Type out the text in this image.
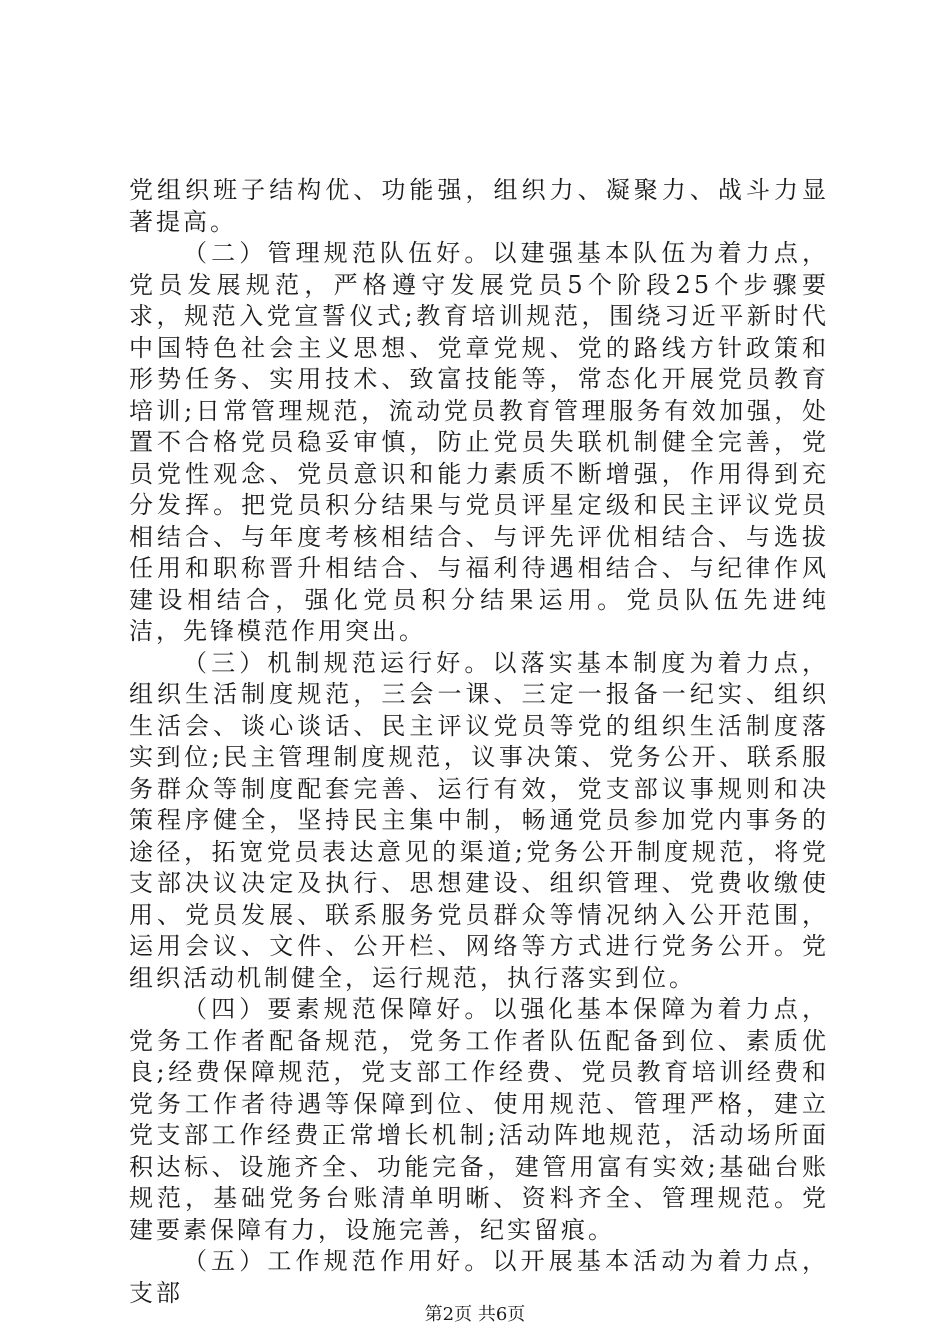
党组织班子结构优、功能强，组织力、凝聚力、战斗力显著提高。

（二）管理规范队伍好。以建强基本队伍为着力点，党员发展规范，严格遵守发展党员5个阶段25个步骤要求，规范入党宣誓仪式;教育培训规范，围绕习近平新时代中国特色社会主义思想、党章党规、党的路线方针政策和形势任务、实用技术、致富技能等，常态化开展党员教育培训;日常管理规范，流动党员教育管理服务有效加强，处置不合格党员稳妥审慎，防止党员失联机制健全完善，党员党性观念、党员意识和能力素质不断增强，作用得到充分发挥。把党员积分结果与党员评星定级和民主评议党员相结合、与年度考核相结合、与评先评优相结合、与选拔任用和职称晋升相结合、与福利待遇相结合、与纪律作风建设相结合，强化党员积分结果运用。党员队伍先进纯洁，先锋模范作用突出。

（三）机制规范运行好。以落实基本制度为着力点，组织生活制度规范，三会一课、三定一报备一纪实、组织生活会、谈心谈话、民主评议党员等党的组织生活制度落实到位;民主管理制度规范，议事决策、党务公开、联系服务群众等制度配套完善、运行有效，党支部议事规则和决策程序健全，坚持民主集中制，畅通党员参加党内事务的途径，拓宽党员表达意见的渠道;党务公开制度规范，将党支部决议决定及执行、思想建设、组织管理、党费收缴使用、党员发展、联系服务党员群众等情况纳入公开范围，运用会议、文件、公开栏、网络等方式进行党务公开。党组织活动机制健全，运行规范，执行落实到位。

（四）要素规范保障好。以强化基本保障为着力点，党务工作者配备规范，党务工作者队伍配备到位、素质优良;经费保障规范，党支部工作经费、党员教育培训经费和党务工作者待遇等保障到位、使用规范、管理严格，建立党支部工作经费正常增长机制;活动阵地规范，活动场所面积达标、设施齐全、功能完备，建管用富有实效;基础台账规范，基础党务台账清单明晰、资料齐全、管理规范。党建要素保障有力，设施完善，纪实留痕。

（五）工作规范作用好。以开展基本活动为着力点，支部

第2页 共6页
